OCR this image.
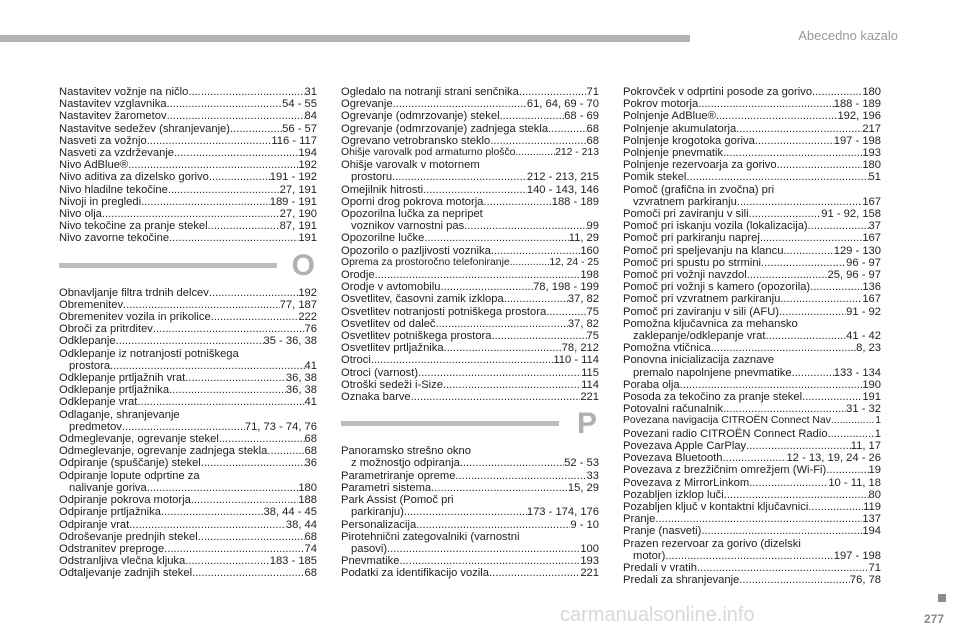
Abecedno kazalo
Nastavitev vožnje na ničlo .....	31
Nastavitev vzglavnika .....	54 - 55
Nastavitev žarometov .....	84
Nastavitve sedežev (shranjevanje) .....	56 - 57
Nasveti za vožnjo .....	116 - 117
Nasveti za vzdrževanje .....	194
Nivo AdBlue® .....	192
Nivo aditiva za dizelsko gorivo .....	191 - 192
Nivo hladilne tekočine .....	27, 191
Nivoji in pregledi .....	189 - 191
Nivo olja .....	27, 190
Nivo tekočine za pranje stekel .....	87, 191
Nivo zavorne tekočine .....	191
O
Obnavljanje filtra trdnih delcev .....	192
Obremenitev .....	77, 187
Obremenitev vozila in prikolice .....	222
Obroči za pritrditev .....	76
Odklepanje .....	35 - 36, 38
Odklepanje iz notranjosti potniškega
prostora .....	41
Odklepanje prtljažnih vrat .....	36, 38
Odklepanje prtljažnika .....	36, 38
Odklepanje vrat .....	41
Odlaganje, shranjevanje
predmetov .....	71, 73 - 74, 76
Odmeglevanje, ogrevanje stekel .....	68
Odmeglevanje, ogrevanje zadnjega stekla .....	68
Odpiranje (spuščanje) stekel .....	36
Odpiranje lopute odprtine za
nalivanje goriva .....	180
Odpiranje pokrova motorja .....	188
Odpiranje prtljažnika .....	38, 44 - 45
Odpiranje vrat .....	38, 44
Odroševanje prednjih stekel .....	68
Odstranitev preproge .....	74
Odstranljiva vlečna kljuka .....	183 - 185
Odtaljevanje zadnjih stekel .....	68
Ogledalo na notranji strani senčnika .....	71
Ogrevanje .....	61, 64, 69 - 70
Ogrevanje (odmrzovanje) stekel .....	68 - 69
Ogrevanje (odmrzovanje) zadnjega stekla .....	68
Ogrevano vetrobransko steklo .....	68
Ohišje varovalk pod armaturno ploščo .....	212 - 213
Ohišje varovalk v motornem
prostoru .....	212 - 213, 215
Omejilnik hitrosti .....	140 - 143, 146
Oporni drog pokrova motorja .....	188 - 189
Opozorilna lučka za nepripet
voznikov varnostni pas .....	99
Opozorilne lučke .....	11, 29
Opozorilo o pazljivosti voznika .....	160
Oprema za prostoročno telefoniranje .....	12, 24 - 25
Orodje .....	198
Orodje v avtomobilu .....	78, 198 - 199
Osvetlitev, časovni zamik izklopa .....	37, 82
Osvetlitev notranjosti potniškega prostora .....	75
Osvetlitev od daleč .....	37, 82
Osvetlitev potniškega prostora .....	75
Osvetlitev prtljažnika .....	78, 212
Otroci .....	110 - 114
Otroci (varnost) .....	115
Otroški sedeži i-Size .....	114
Oznaka barve .....	221
P
Panoramsko strešno okno
z možnostjo odpiranja .....	52 - 53
Parametriranje opreme .....	33
Parametri sistema .....	15, 29
Park Assist (Pomoč pri
parkiranju) .....	173 - 174, 176
Personalizacija .....	9 - 10
Pirotehnični zategovalniki (varnostni
pasovi) .....	100
Pnevmatike .....	193
Podatki za identifikacijo vozila .....	221
Pokrovček v odprtini posode za gorivo .....	180
Pokrov motorja .....	188 - 189
Polnjenje AdBlue® .....	192, 196
Polnjenje akumulatorja .....	217
Polnjenje krogotoka goriva .....	197 - 198
Polnjenje pnevmatik .....	193
Polnjenje rezervoarja za gorivo .....	180
Pomik stekel .....	51
Pomoč (grafična in zvočna) pri
vzvratnem parkiranju .....	167
Pomoči pri zaviranju v sili .....	91 - 92, 158
Pomoč pri iskanju vozila (lokalizacija) .....	37
Pomoč pri parkiranju naprej .....	167
Pomoč pri speljevanju na klancu .....	129 - 130
Pomoč pri spustu po strmini .....	96 - 97
Pomoč pri vožnji navzdol .....	25, 96 - 97
Pomoč pri vožnji s kamero (opozorila) .....	136
Pomoč pri vzvratnem parkiranju .....	167
Pomoč pri zaviranju v sili (AFU) .....	91 - 92
Pomožna ključavnica za mehansko
zaklepanje/odklepanje vrat .....	41 - 42
Pomožna vtičnica .....	8, 23
Ponovna inicializacija zaznave
premalo napolnjene pnevmatike .....	133 - 134
Poraba olja .....	190
Posoda za tekočino za pranje stekel .....	191
Potovalni računalnik .....	31 - 32
Povezana navigacija CITROËN Connect Nav .....	1
Povezani radio CITROËN Connect Radio .....	1
Povezava Apple CarPlay .....	11, 17
Povezava Bluetooth .....	12 - 13, 19, 24 - 26
Povezava z brezžičnim omrežjem (Wi-Fi) .....	19
Povezava z MirrorLinkom .....	10 - 11, 18
Pozabljen izklop luči .....	80
Pozabljen ključ v kontaktni ključavnici .....	119
Pranje .....	137
Pranje (nasveti) .....	194
Prazen rezervoar za gorivo (dizelski
motor) .....	197 - 198
Predali v vratih .....	71
Predali za shranjevanje .....	76, 78
carmanualsonline.info	277
